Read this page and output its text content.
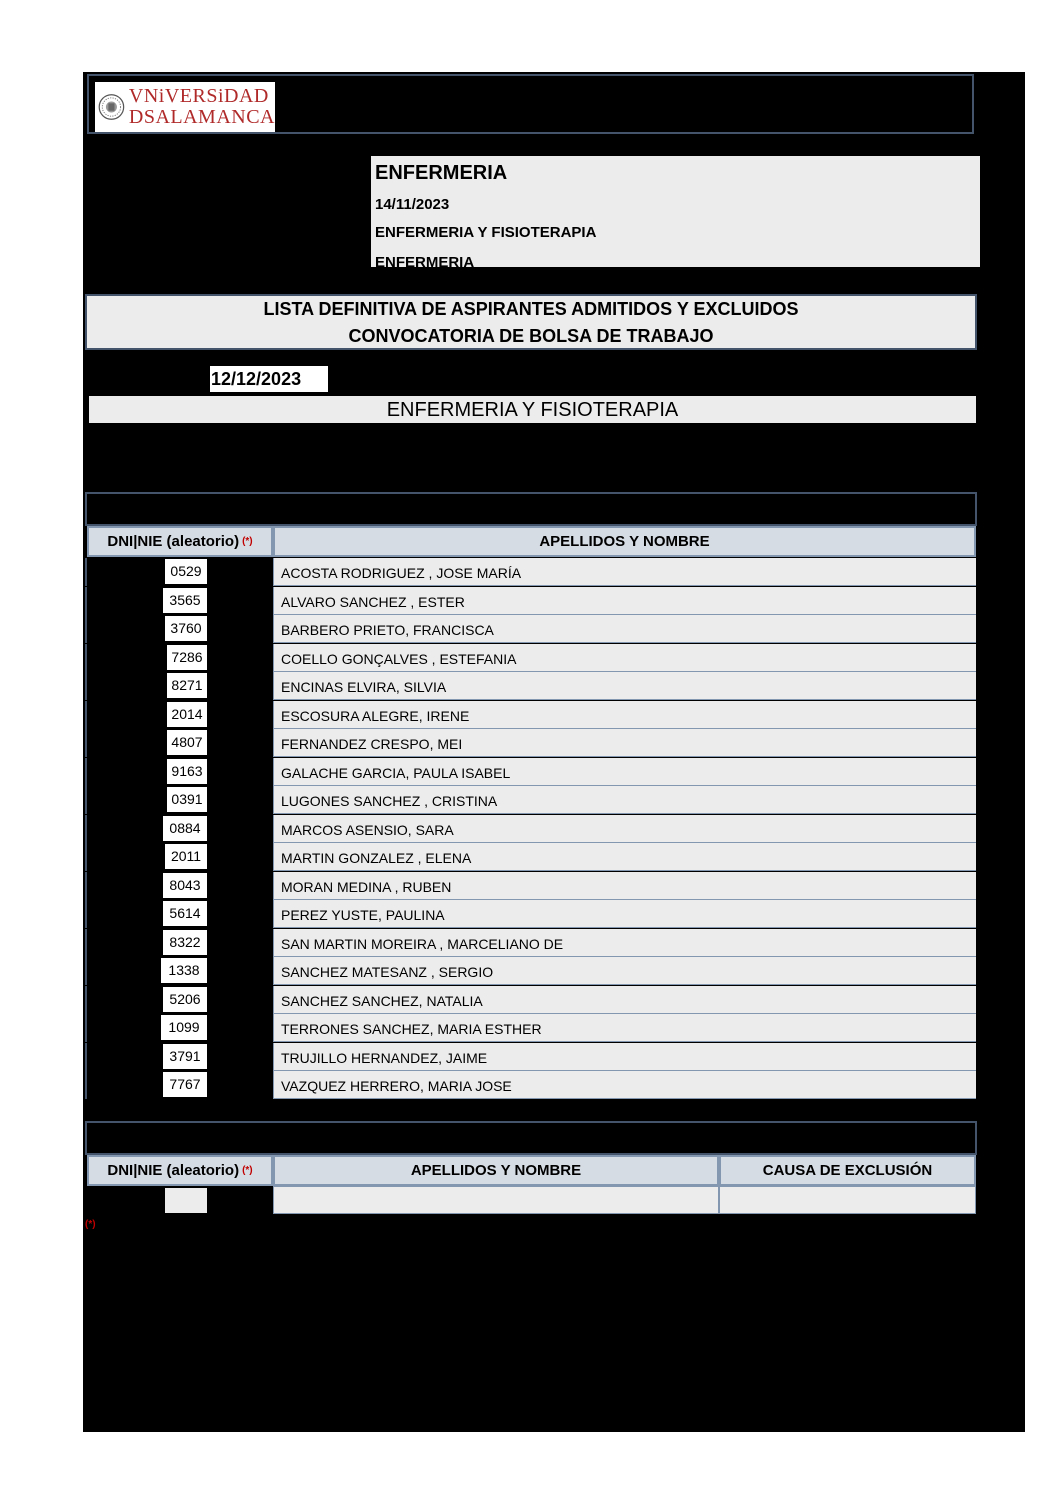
VNiVERSiDAD
DSALAMANCA
ENFERMERIA
14/11/2023
ENFERMERIA Y FISIOTERAPIA
ENFERMERIA
LISTA DEFINITIVA DE ASPIRANTES ADMITIDOS Y EXCLUIDOS
CONVOCATORIA DE BOLSA DE TRABAJO
12/12/2023
ENFERMERIA Y FISIOTERAPIA
DNI|NIE (aleatorio) (*)	APELLIDOS Y NOMBRE
0529	ACOSTA RODRIGUEZ , JOSE MARÍA
3565	ALVARO SANCHEZ , ESTER
3760	BARBERO PRIETO, FRANCISCA
7286	COELLO GONÇALVES , ESTEFANIA
8271	ENCINAS ELVIRA, SILVIA
2014	ESCOSURA ALEGRE, IRENE
4807	FERNANDEZ CRESPO, MEI
9163	GALACHE GARCIA, PAULA ISABEL
0391	LUGONES SANCHEZ , CRISTINA
0884	MARCOS ASENSIO, SARA
2011	MARTIN GONZALEZ , ELENA
8043	MORAN MEDINA , RUBEN
5614	PEREZ YUSTE, PAULINA
8322	SAN MARTIN MOREIRA , MARCELIANO DE
1338	SANCHEZ MATESANZ , SERGIO
5206	SANCHEZ SANCHEZ, NATALIA
1099	TERRONES SANCHEZ, MARIA ESTHER
3791	TRUJILLO HERNANDEZ, JAIME
7767	VAZQUEZ HERRERO, MARIA JOSE
DNI|NIE (aleatorio) (*)	APELLIDOS Y NOMBRE	CAUSA DE EXCLUSIÓN
(*)
